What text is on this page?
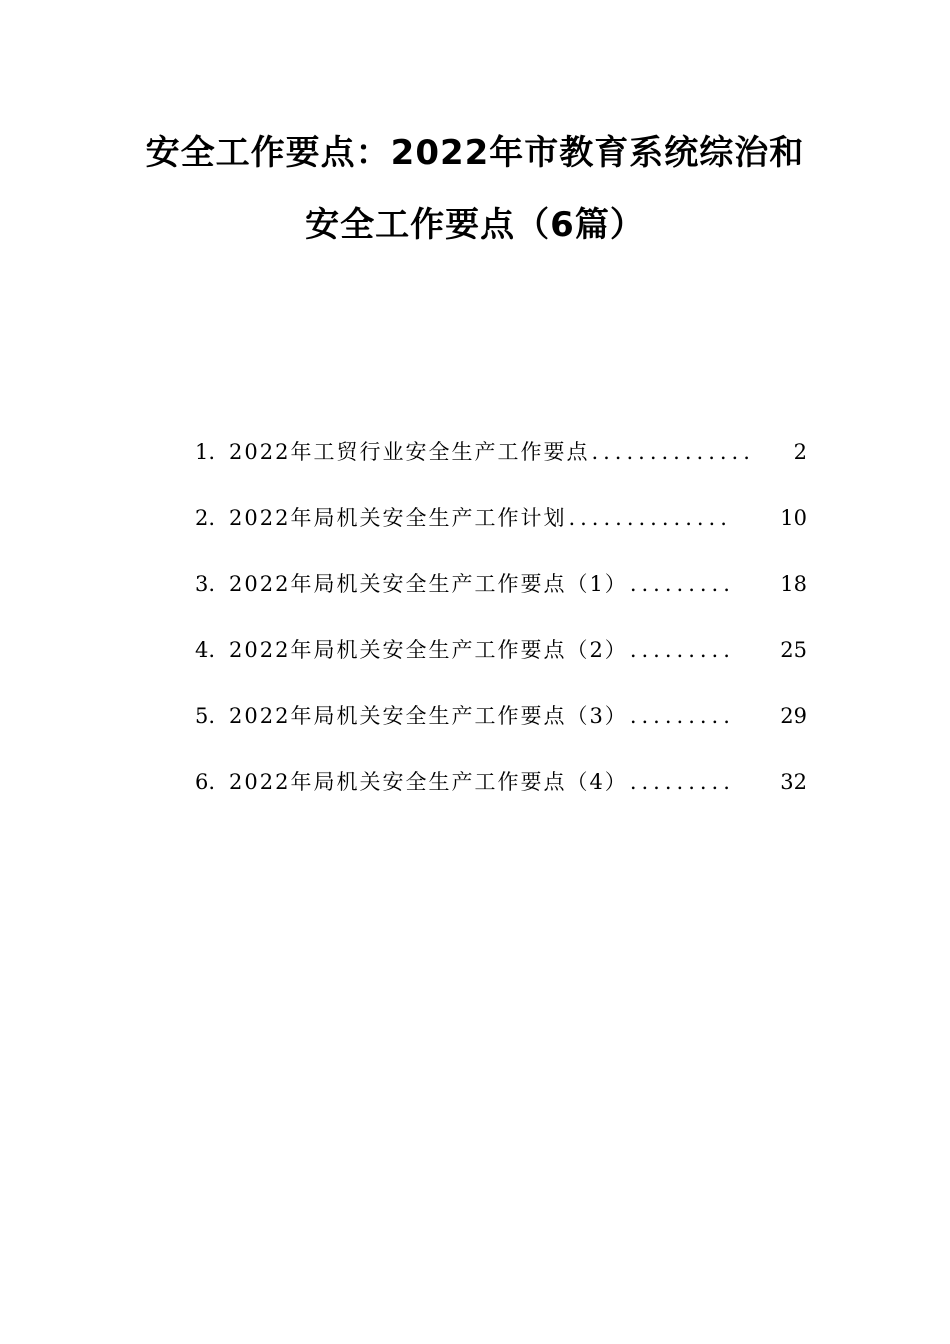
安全工作要点：2022年市教育系统综治和
安全工作要点（6篇）
1. 2022年工贸行业安全生产工作要点 ..............	2
2. 2022年局机关安全生产工作计划 ..............	10
3. 2022年局机关安全生产工作要点（1） .........	18
4. 2022年局机关安全生产工作要点（2） .........	25
5. 2022年局机关安全生产工作要点（3） .........	29
6. 2022年局机关安全生产工作要点（4） .........	32
